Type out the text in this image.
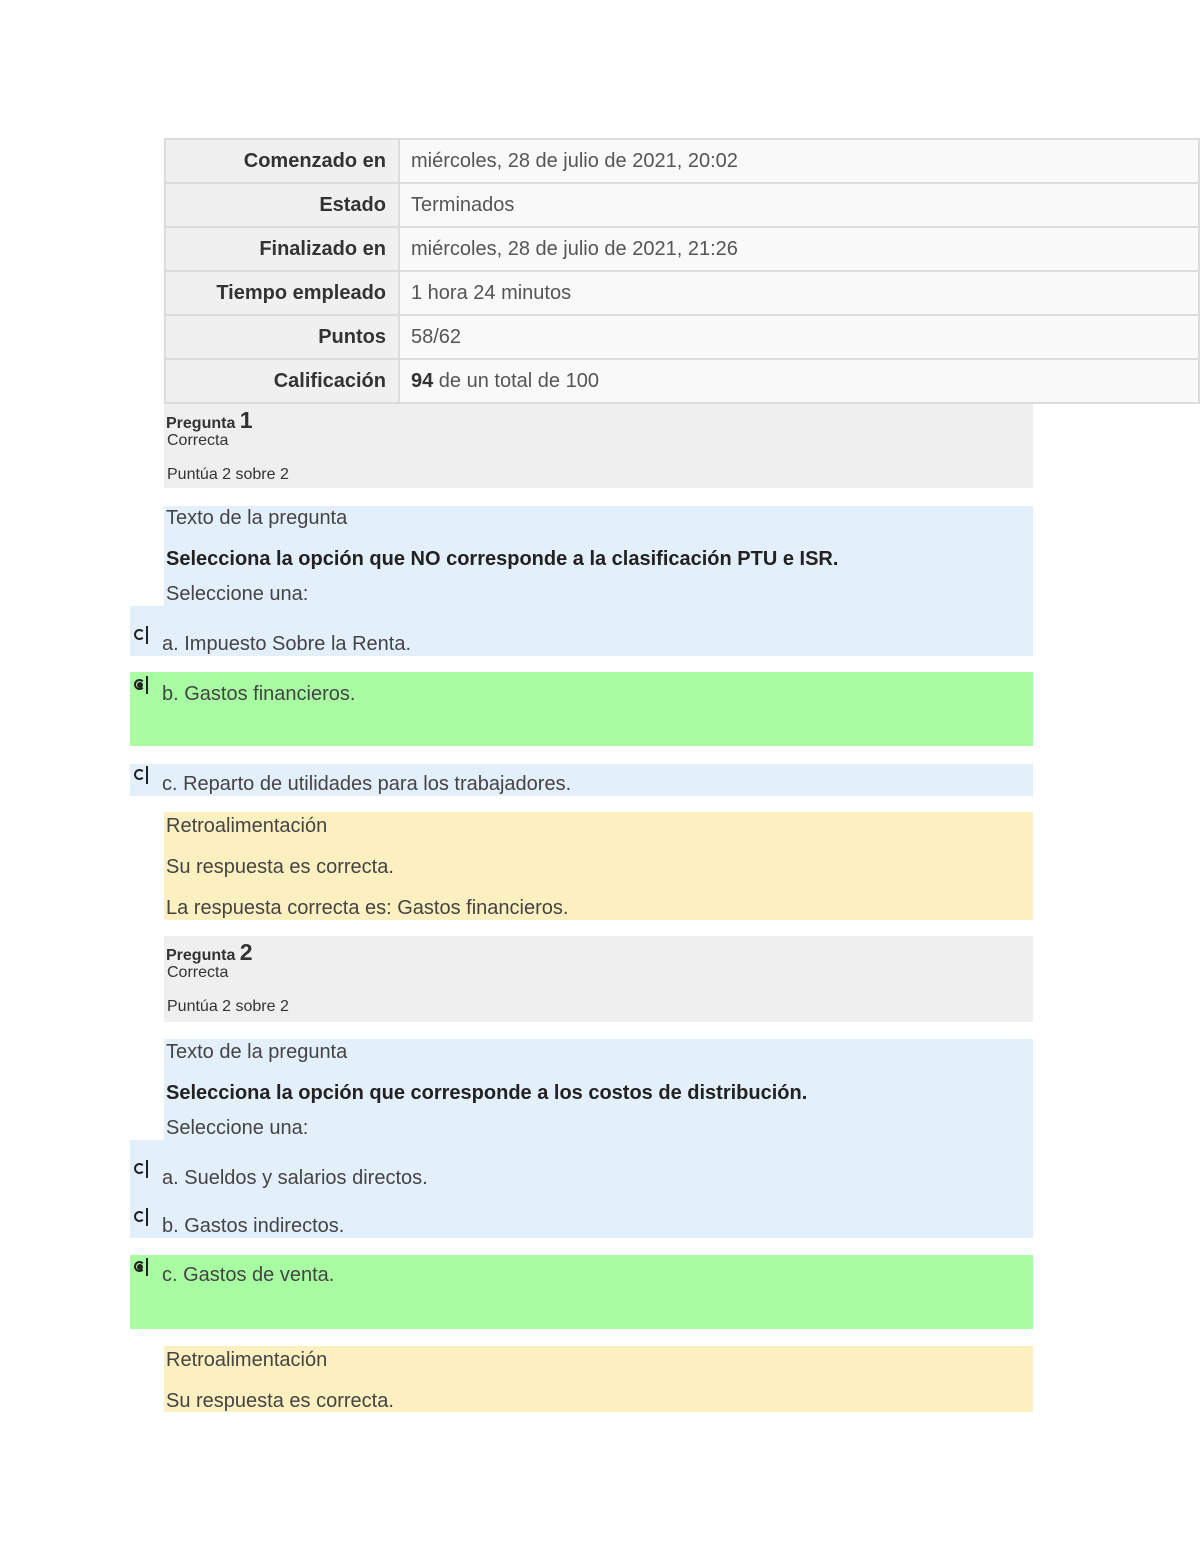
Comenzado en	miércoles, 28 de julio de 2021, 20:02
Estado	Terminados
Finalizado en	miércoles, 28 de julio de 2021, 21:26
Tiempo empleado	1 hora 24 minutos
Puntos	58/62
Calificación	94 de un total de 100
Pregunta 1
Correcta
Puntúa 2 sobre 2
Texto de la pregunta
Selecciona la opción que NO corresponde a la clasificación PTU e ISR.
Seleccione una:
a. Impuesto Sobre la Renta.
b. Gastos financieros.
c. Reparto de utilidades para los trabajadores.
Retroalimentación
Su respuesta es correcta.
La respuesta correcta es: Gastos financieros.
Pregunta 2
Correcta
Puntúa 2 sobre 2
Texto de la pregunta
Selecciona la opción que corresponde a los costos de distribución.
Seleccione una:
a. Sueldos y salarios directos.
b. Gastos indirectos.
c. Gastos de venta.
Retroalimentación
Su respuesta es correcta.
